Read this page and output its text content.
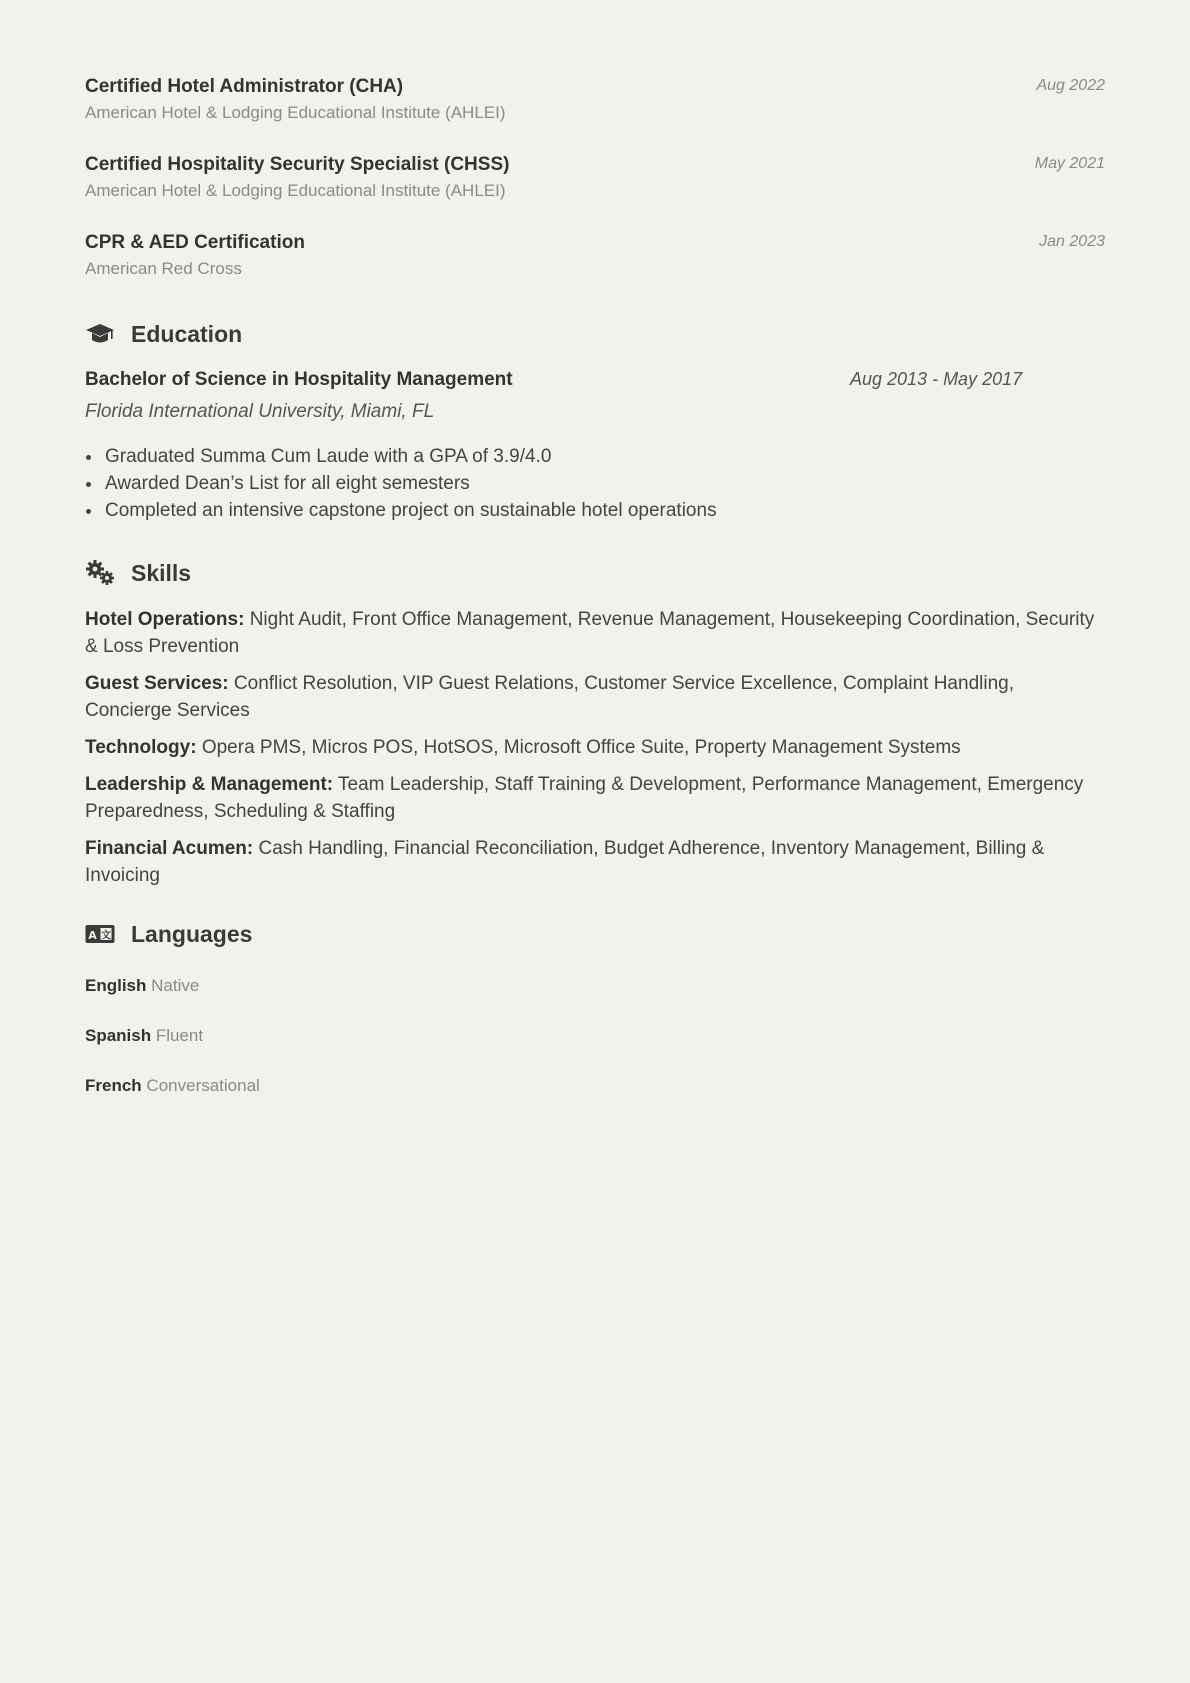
Certified Hotel Administrator (CHA)
American Hotel & Lodging Educational Institute (AHLEI)
Aug 2022
Certified Hospitality Security Specialist (CHSS)
American Hotel & Lodging Educational Institute (AHLEI)
May 2021
CPR & AED Certification
American Red Cross
Jan 2023
Education
Bachelor of Science in Hospitality Management	Aug 2013 - May 2017
Florida International University, Miami, FL
• Graduated Summa Cum Laude with a GPA of 3.9/4.0
• Awarded Dean’s List for all eight semesters
• Completed an intensive capstone project on sustainable hotel operations
Skills

Hotel Operations: Night Audit, Front Office Management, Revenue Management, Housekeeping Coordination, Security & Loss Prevention

Guest Services: Conflict Resolution, VIP Guest Relations, Customer Service Excellence, Complaint Handling, Concierge Services

Technology: Opera PMS, Micros POS, HotSOS, Microsoft Office Suite, Property Management Systems

Leadership & Management: Team Leadership, Staff Training & Development, Performance Management, Emergency Preparedness, Scheduling & Staffing

Financial Acumen: Cash Handling, Financial Reconciliation, Budget Adherence, Inventory Management, Billing & Invoicing

A 文 Languages
English Native
Spanish Fluent
French Conversational
